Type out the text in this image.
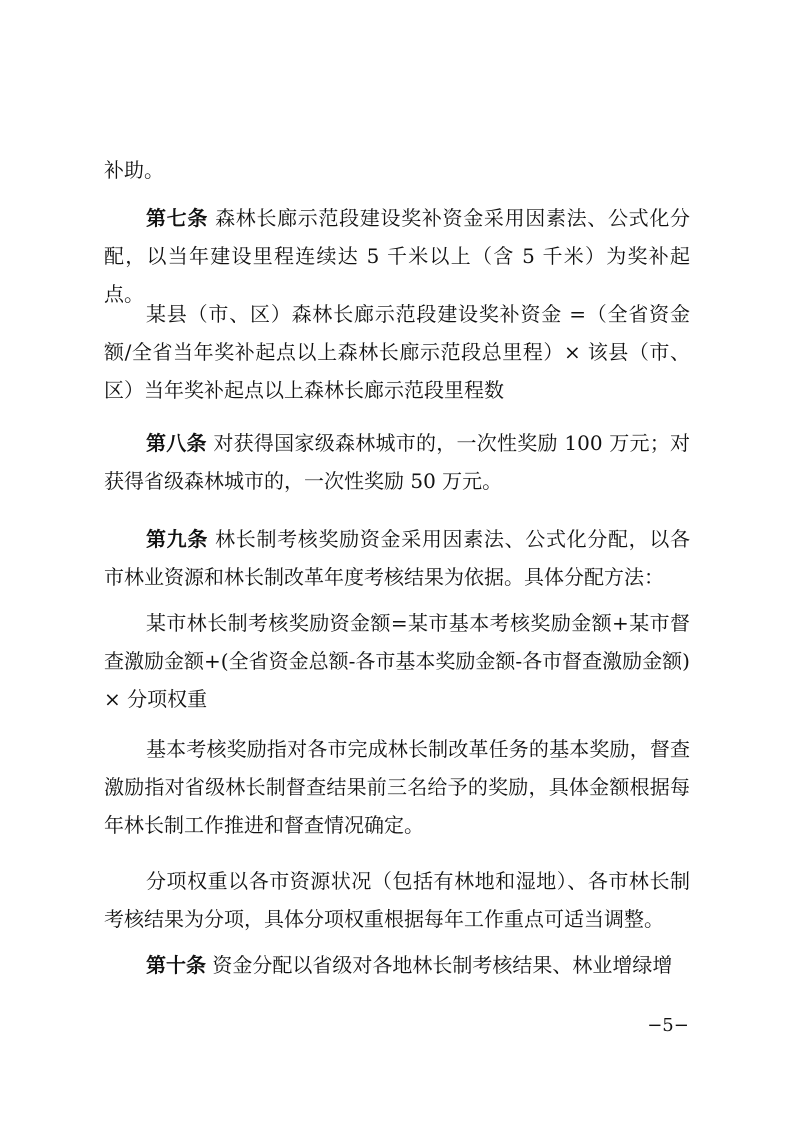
补助。

第七条 森林长廊示范段建设奖补资金采用因素法、公式化分配，以当年建设里程连续达 5 千米以上（含 5 千米）为奖补起点。

某县（市、区）森林长廊示范段建设奖补资金 =（全省资金额/全省当年奖补起点以上森林长廊示范段总里程）× 该县（市、区）当年奖补起点以上森林长廊示范段里程数

第八条 对获得国家级森林城市的，一次性奖励 100 万元；对获得省级森林城市的，一次性奖励 50 万元。

第九条 林长制考核奖励资金采用因素法、公式化分配，以各市林业资源和林长制改革年度考核结果为依据。具体分配方法：

某市林长制考核奖励资金额=某市基本考核奖励金额+某市督查激励金额+(全省资金总额-各市基本奖励金额-各市督查激励金额) × 分项权重

基本考核奖励指对各市完成林长制改革任务的基本奖励，督查激励指对省级林长制督查结果前三名给予的奖励，具体金额根据每年林长制工作推进和督查情况确定。

分项权重以各市资源状况（包括有林地和湿地）、各市林长制考核结果为分项，具体分项权重根据每年工作重点可适当调整。

第十条 资金分配以省级对各地林长制考核结果、林业增绿增

−5−
